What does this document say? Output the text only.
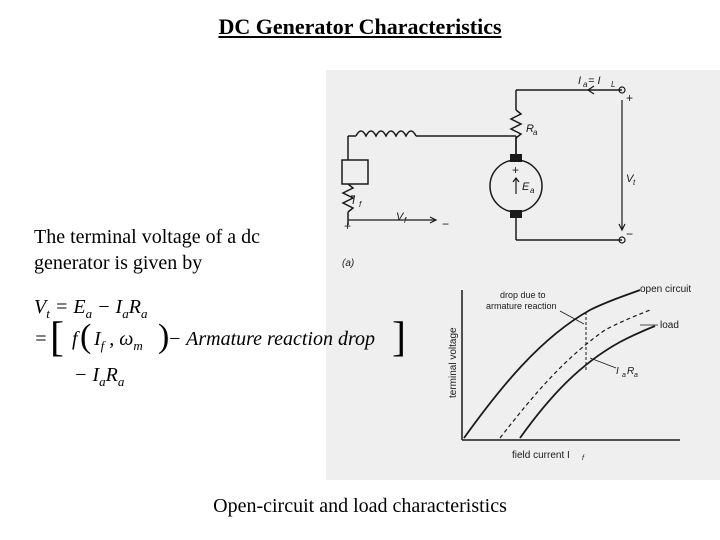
DC Generator Characteristics
I f
+
V f	−
R a
+
E a
I a = I L
+
V t
−
(a)
terminal voltage
field current I f
open circuit
load
drop due to
armature reaction
I a R a
The terminal voltage of a dc generator is given by
$V_t = E_a - I_aR_a$
= [ f ( $I_f$ , $\omega_m$ )
− Armature reaction drop ]
− $I_aR_a$
Open-circuit and load characteristics
